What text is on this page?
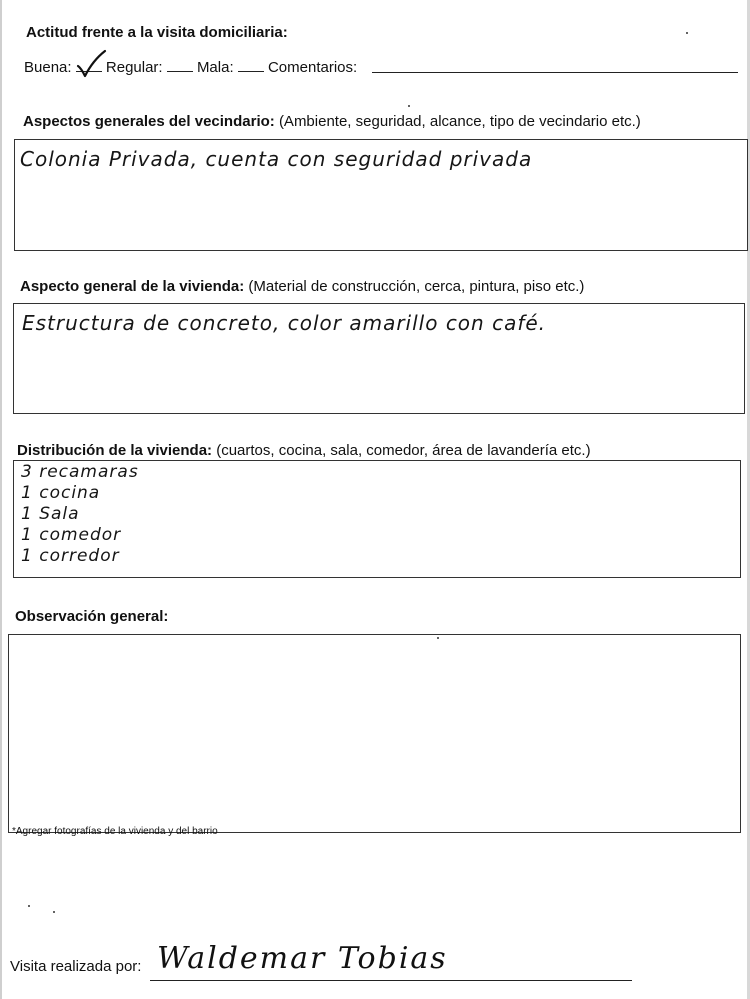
Actitud frente a la visita domiciliaria:
Buena: Regular: Mala: Comentarios:
Aspectos generales del vecindario: (Ambiente, seguridad, alcance, tipo de vecindario etc.)
Colonia Privada, cuenta con seguridad privada
Aspecto general de la vivienda: (Material de construcción, cerca, pintura, piso etc.)
Estructura de concreto, color amarillo con café.
Distribución de la vivienda: (cuartos, cocina, sala, comedor, área de lavandería etc.)
3 recamaras
1 cocina
1 Sala
1 comedor
1 corredor
Observación general:
*Agregar fotografías de la vivienda y del barrio
Visita realizada por: Waldemar Tobias
